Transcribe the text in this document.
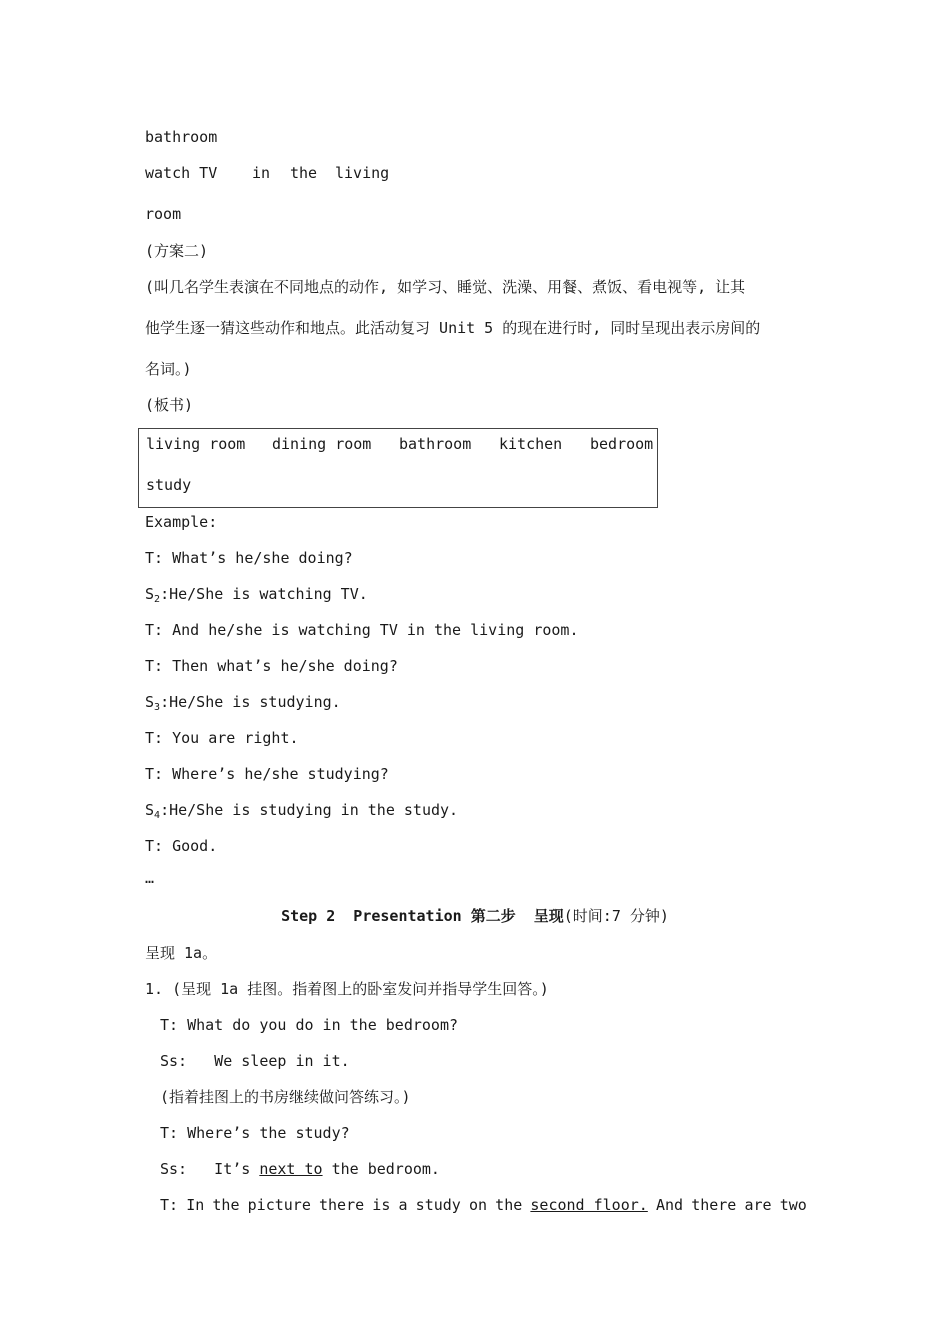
bathroom
watch TV in the living
room
(方案二)
(叫几名学生表演在不同地点的动作, 如学习、睡觉、洗澡、用餐、煮饭、看电视等, 让其
他学生逐一猜这些动作和地点。此活动复习 Unit 5 的现在进行时, 同时呈现出表示房间的
名词。)
(板书)
living room dining room bathroom kitchen bedroom
study
Example:
T: What’s he/she doing?
$S_2:He$/She is watching TV.
T: And he/she is watching TV in the living room.
T: Then what’s he/she doing?
$S_3:He$/She is studying.
T: You are right.
T: Where’s he/she studying?
$S_4:He$/She is studying in the study.
T: Good.
…
Step 2  Presentation 第二步  呈现(时间:7 分钟)
呈现 1a。
1. (呈现 1a 挂图。指着图上的卧室发问并指导学生回答。)
T: What do you do in the bedroom?
Ss:   We sleep in it.
(指着挂图上的书房继续做问答练习。)
T: Where’s the study?
Ss:   It’s next to the bedroom.
T: In the picture there is a study on the second floor. And there are two
